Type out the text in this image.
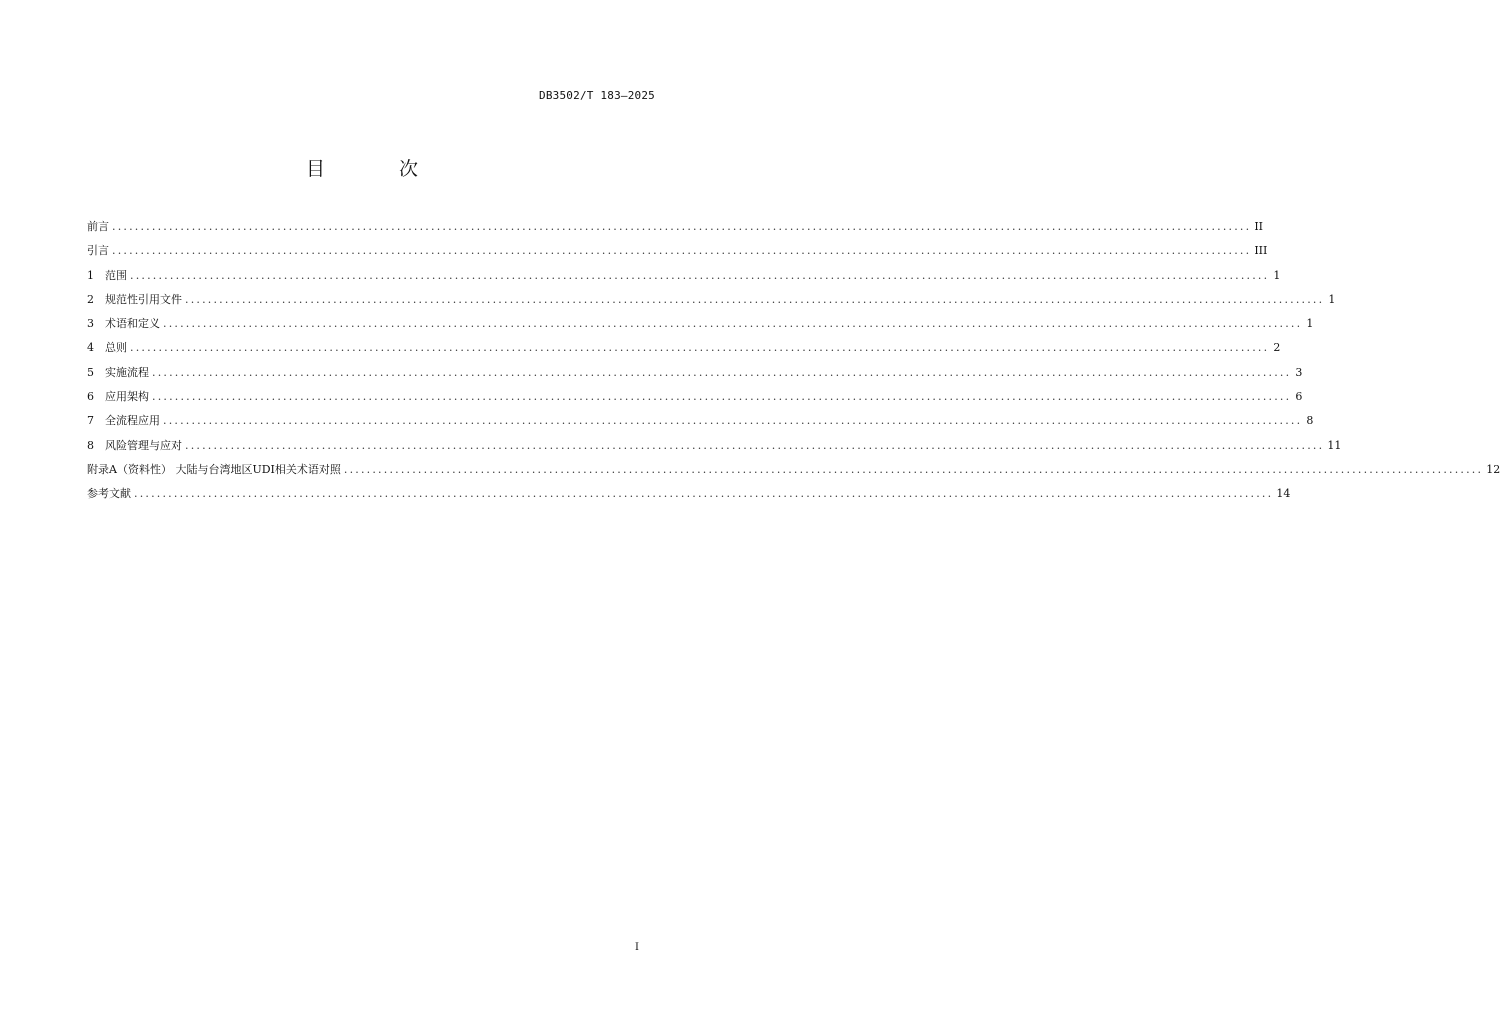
DB3502/T 183—2025
目 次
前言 ........................................................................................................................................................................................................ II
引言 ........................................................................................................................................................................................................ III
1	范围 ........................................................................................................................................................................................................ 1
2	规范性引用文件 ........................................................................................................................................................................................................ 1
3	术语和定义 ........................................................................................................................................................................................................ 1
4	总则 ........................................................................................................................................................................................................ 2
5	实施流程 ........................................................................................................................................................................................................ 3
6	应用架构 ........................................................................................................................................................................................................ 6
7	全流程应用 ........................................................................................................................................................................................................ 8
8	风险管理与应对 ........................................................................................................................................................................................................ 11
附录A（资料性） 大陆与台湾地区UDI相关术语对照 ........................................................................................................................................................................................................ 12
参考文献 ........................................................................................................................................................................................................ 14
I
